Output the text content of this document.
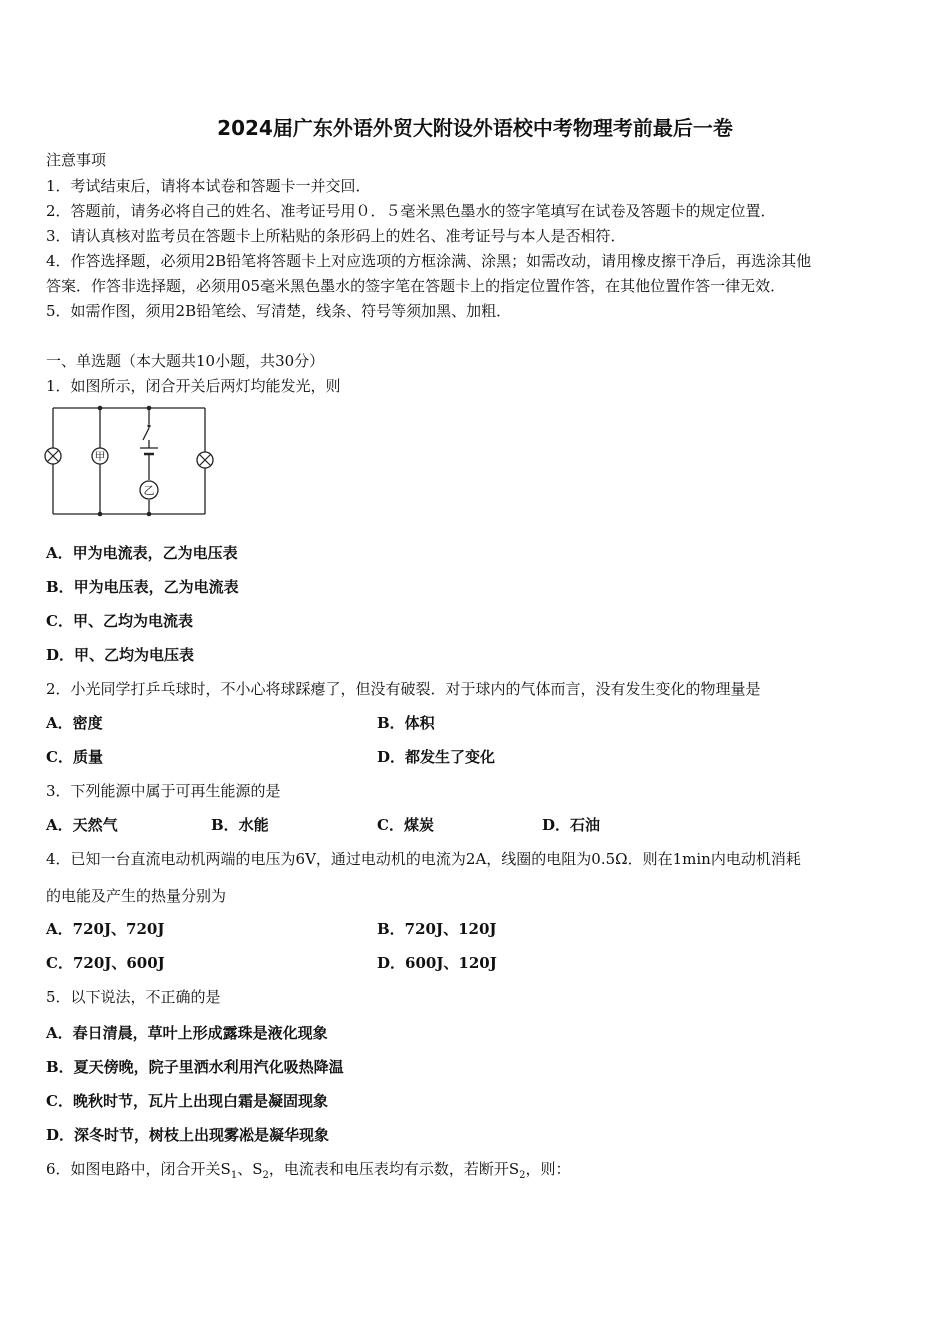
2024届广东外语外贸大附设外语校中考物理考前最后一卷
注意事项
1．考试结束后，请将本试卷和答题卡一并交回．
2．答题前，请务必将自己的姓名、准考证号用０．５毫米黑色墨水的签字笔填写在试卷及答题卡的规定位置．
3．请认真核对监考员在答题卡上所粘贴的条形码上的姓名、准考证号与本人是否相符．
4．作答选择题，必须用2B铅笔将答题卡上对应选项的方框涂满、涂黑；如需改动，请用橡皮擦干净后，再选涂其他
答案．作答非选择题，必须用05毫米黑色墨水的签字笔在答题卡上的指定位置作答，在其他位置作答一律无效．
5．如需作图，须用2B铅笔绘、写清楚，线条、符号等须加黑、加粗．
一、单选题（本大题共10小题，共30分）
1．如图所示，闭合开关后两灯均能发光，则
甲
乙
A．甲为电流表，乙为电压表
B．甲为电压表，乙为电流表
C．甲、乙均为电流表
D．甲、乙均为电压表
2．小光同学打乒乓球时，不小心将球踩瘪了，但没有破裂．对于球内的气体而言，没有发生变化的物理量是
A．密度	B．体积
C．质量	D．都发生了变化
3．下列能源中属于可再生能源的是
A．天然气	B．水能	C．煤炭	D．石油
4．已知一台直流电动机两端的电压为6V，通过电动机的电流为2A，线圈的电阻为0.5Ω．则在1min内电动机消耗
的电能及产生的热量分别为
A．720J、720J	B．720J、120J
C．720J、600J	D．600J、120J
5．以下说法，不正确的是
A．春日清晨，草叶上形成露珠是液化现象
B．夏天傍晚，院子里洒水利用汽化吸热降温
C．晚秋时节，瓦片上出现白霜是凝固现象
D．深冬时节，树枝上出现雾凇是凝华现象
6．如图电路中，闭合开关$S_1$、$S_2$，电流表和电压表均有示数，若断开$S_2$，则：
